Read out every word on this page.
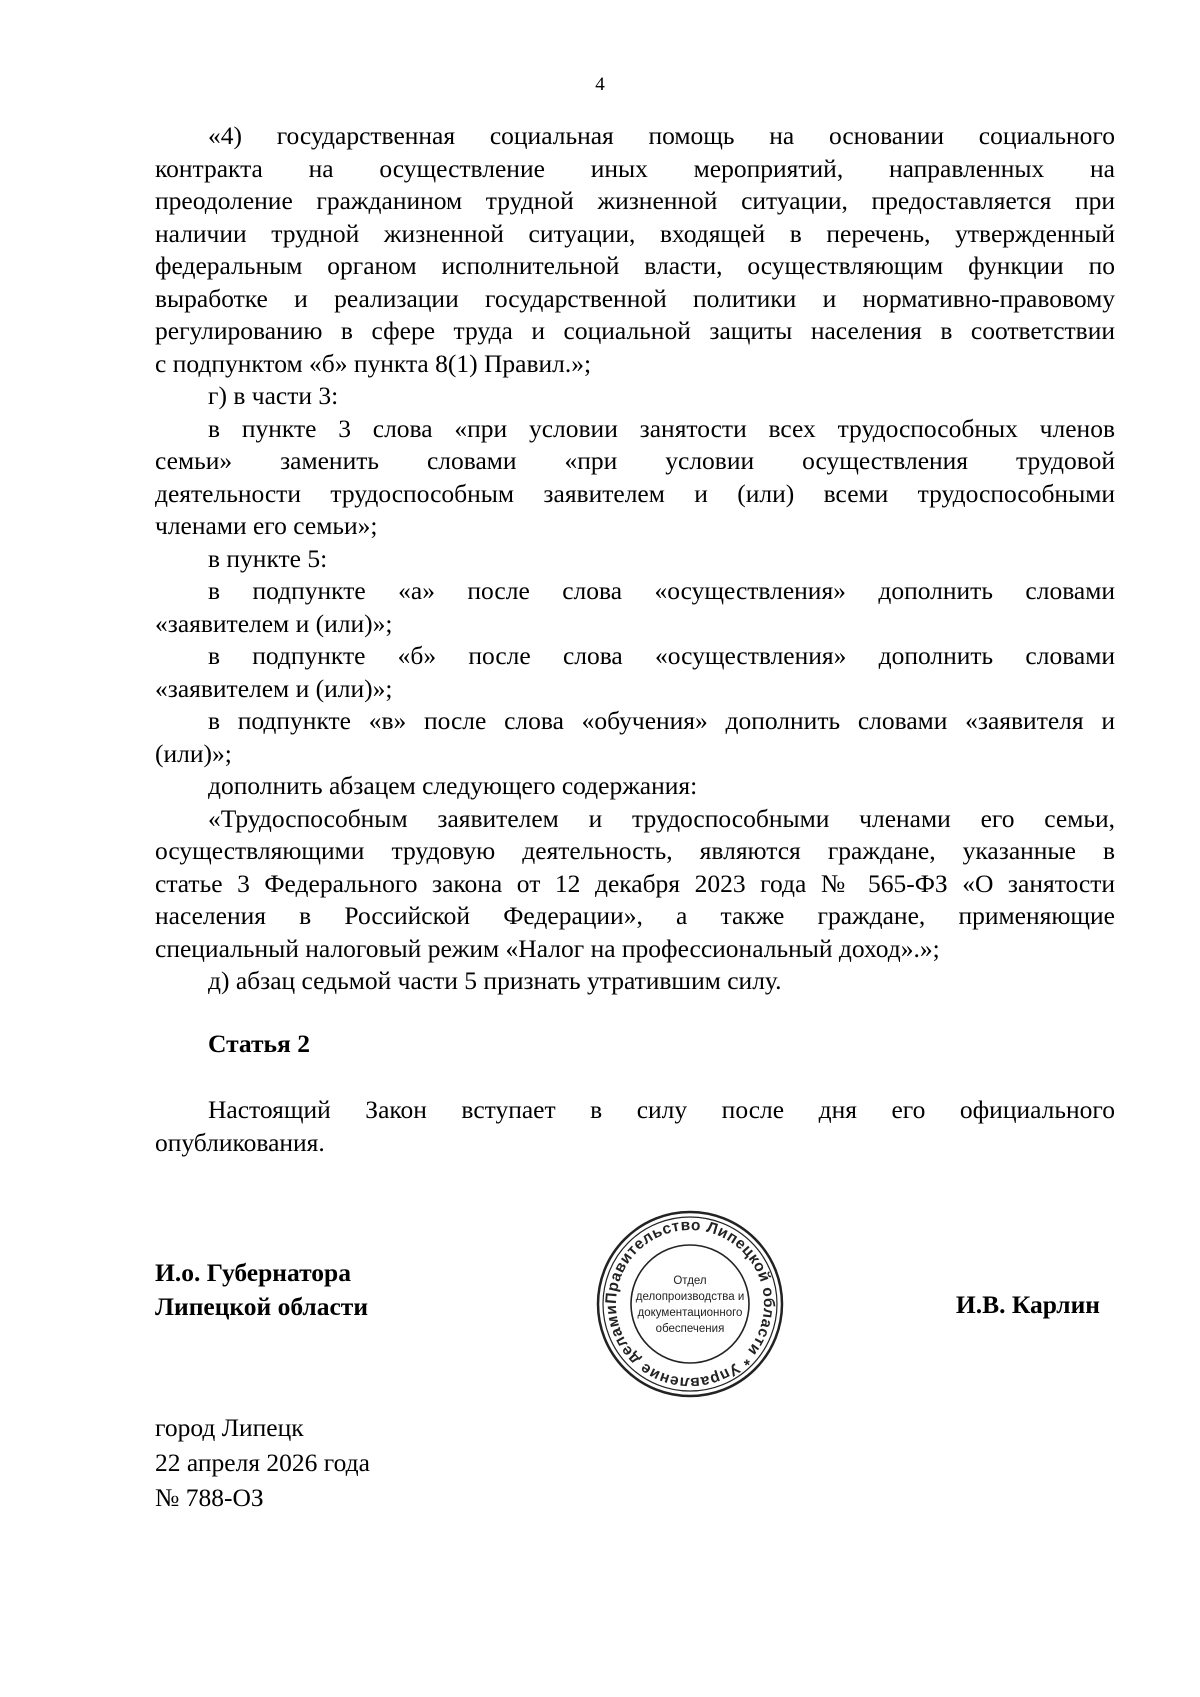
4

«4) государственная социальная помощь на основании социального

контракта на осуществление иных мероприятий, направленных на

преодоление гражданином трудной жизненной ситуации, предоставляется при

наличии трудной жизненной ситуации, входящей в перечень, утвержденный

федеральным органом исполнительной власти, осуществляющим функции по

выработке и реализации государственной политики и нормативно-правовому

регулированию в сфере труда и социальной защиты населения в соответствии

с подпунктом «б» пункта 8(1) Правил.»;

г) в части 3:

в пункте 3 слова «при условии занятости всех трудоспособных членов

семьи» заменить словами «при условии осуществления трудовой

деятельности трудоспособным заявителем и (или) всеми трудоспособными

членами его семьи»;

в пункте 5:

в подпункте «а» после слова «осуществления» дополнить словами

«заявителем и (или)»;

в подпункте «б» после слова «осуществления» дополнить словами

«заявителем и (или)»;

в подпункте «в» после слова «обучения» дополнить словами «заявителя и

(или)»;

дополнить абзацем следующего содержания:

«Трудоспособным заявителем и трудоспособными членами его семьи,

осуществляющими трудовую деятельность, являются граждане, указанные в

статье 3 Федерального закона от 12 декабря 2023 года № 565-ФЗ «О занятости

населения в Российской Федерации», а также граждане, применяющие

специальный налоговый режим «Налог на профессиональный доход».»;

д) абзац седьмой части 5 признать утратившим силу.

Статья 2

Настоящий Закон вступает в силу после дня его официального

опубликования.

И.о. Губернатора
Липецкой области	И.В. Карлин
Правительство Липецкой области * Управление делами
Отдел
делопроизводства и
документационного
обеспечения
город Липецк
22 апреля 2026 года
№ 788-ОЗ
